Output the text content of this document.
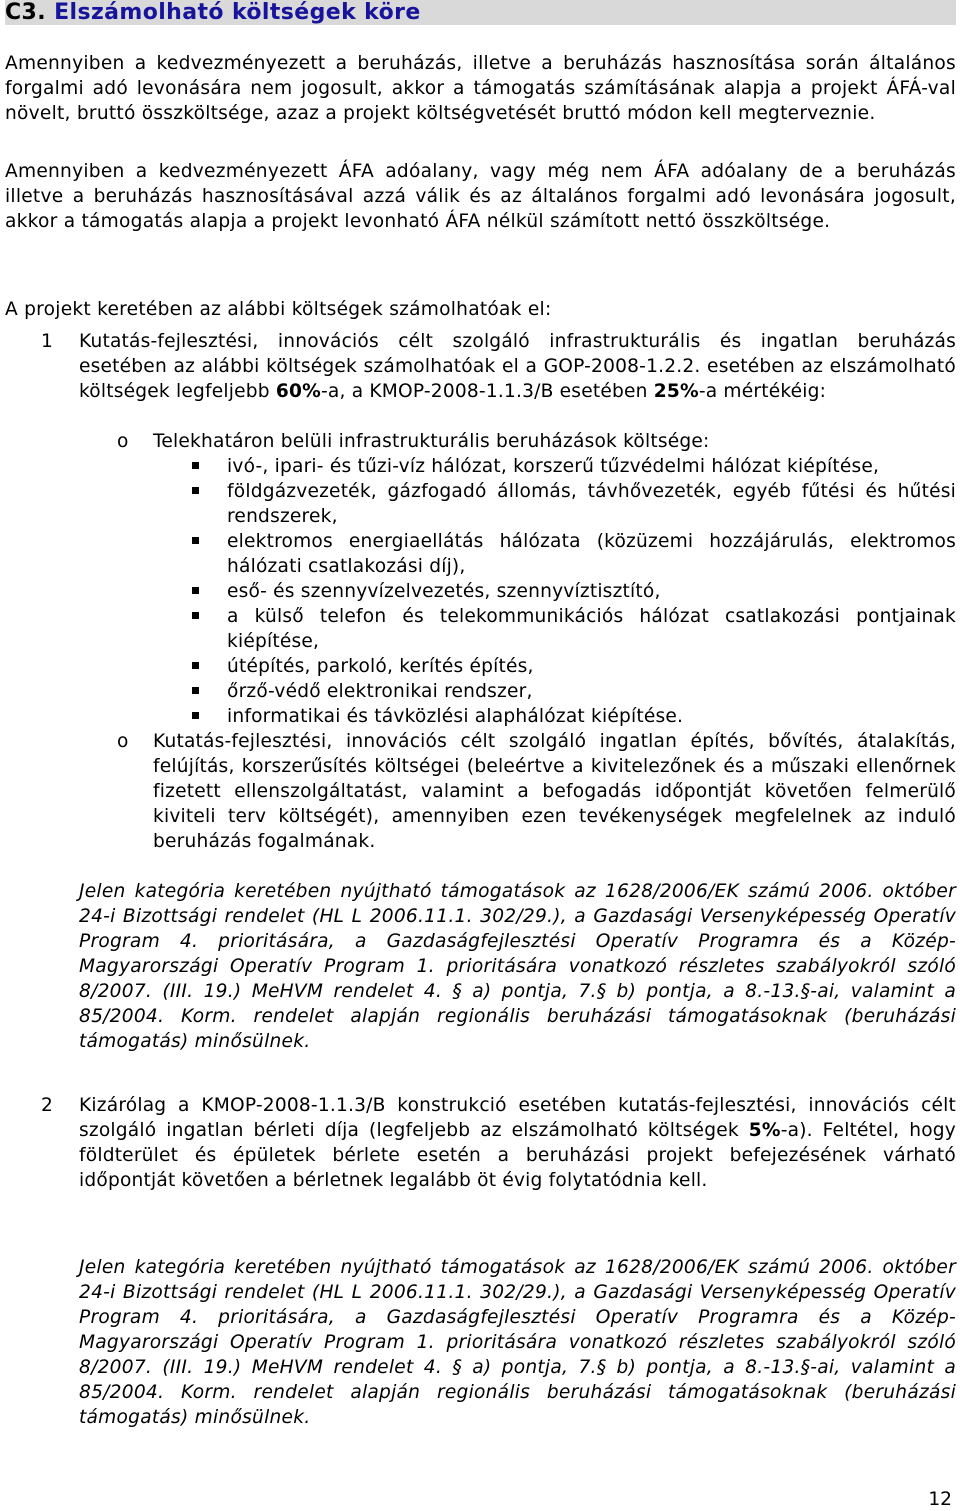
C3. Elszámolható költségek köre
Amennyiben a kedvezményezett a beruházás, illetve a beruházás hasznosítása során általános forgalmi adó levonására nem jogosult, akkor a támogatás számításának alapja a projekt ÁFÁ-val növelt, bruttó összköltsége, azaz a projekt költségvetését bruttó módon kell megterveznie.
Amennyiben a kedvezményezett ÁFA adóalany, vagy még nem ÁFA adóalany de a beruházás illetve a beruházás hasznosításával azzá válik és az általános forgalmi adó levonására jogosult, akkor a támogatás alapja a projekt levonható ÁFA nélkül számított nettó összköltsége.
A projekt keretében az alábbi költségek számolhatóak el:
1 Kutatás-fejlesztési, innovációs célt szolgáló infrastrukturális és ingatlan beruházás esetében az alábbi költségek számolhatóak el a GOP-2008-1.2.2. esetében az elszámolható költségek legfeljebb 60%-a, a KMOP-2008-1.1.3/B esetében 25%-a mértékéig:
o Telekhatáron belüli infrastrukturális beruházások költsége:
ivó-, ipari- és tűzi-víz hálózat, korszerű tűzvédelmi hálózat kiépítése,
földgázvezeték, gázfogadó állomás, távhővezeték, egyéb fűtési és hűtési rendszerek,
elektromos energiaellátás hálózata (közüzemi hozzájárulás, elektromos hálózati csatlakozási díj),
eső- és szennyvízelvezetés, szennyvíztisztító,
a külső telefon és telekommunikációs hálózat csatlakozási pontjainak kiépítése,
útépítés, parkoló, kerítés építés,
őrző-védő elektronikai rendszer,
informatikai és távközlési alaphálózat kiépítése.
o Kutatás-fejlesztési, innovációs célt szolgáló ingatlan építés, bővítés, átalakítás, felújítás, korszerűsítés költségei (beleértve a kivitelezőnek és a műszaki ellenőrnek fizetett ellenszolgáltatást, valamint a befogadás időpontját követően felmerülő kiviteli terv költségét), amennyiben ezen tevékenységek megfelelnek az induló beruházás fogalmának.
Jelen kategória keretében nyújtható támogatások az 1628/2006/EK számú 2006. október 24-i Bizottsági rendelet (HL L 2006.11.1. 302/29.), a Gazdasági Versenyképesség Operatív Program 4. prioritására, a Gazdaságfejlesztési Operatív Programra és a Közép-Magyarországi Operatív Program 1. prioritására vonatkozó részletes szabályokról szóló 8/2007. (III. 19.) MeHVM rendelet 4. § a) pontja, 7.§ b) pontja, a 8.-13.§-ai, valamint a 85/2004. Korm. rendelet alapján regionális beruházási támogatásoknak (beruházási támogatás) minősülnek.
2 Kizárólag a KMOP-2008-1.1.3/B konstrukció esetében kutatás-fejlesztési, innovációs célt szolgáló ingatlan bérleti díja (legfeljebb az elszámolható költségek 5%-a). Feltétel, hogy földterület és épületek bérlete esetén a beruházási projekt befejezésének várható időpontját követően a bérletnek legalább öt évig folytatódnia kell.
Jelen kategória keretében nyújtható támogatások az 1628/2006/EK számú 2006. október 24-i Bizottsági rendelet (HL L 2006.11.1. 302/29.), a Gazdasági Versenyképesség Operatív Program 4. prioritására, a Gazdaságfejlesztési Operatív Programra és a Közép-Magyarországi Operatív Program 1. prioritására vonatkozó részletes szabályokról szóló 8/2007. (III. 19.) MeHVM rendelet 4. § a) pontja, 7.§ b) pontja, a 8.-13.§-ai, valamint a 85/2004. Korm. rendelet alapján regionális beruházási támogatásoknak (beruházási támogatás) minősülnek.
12
